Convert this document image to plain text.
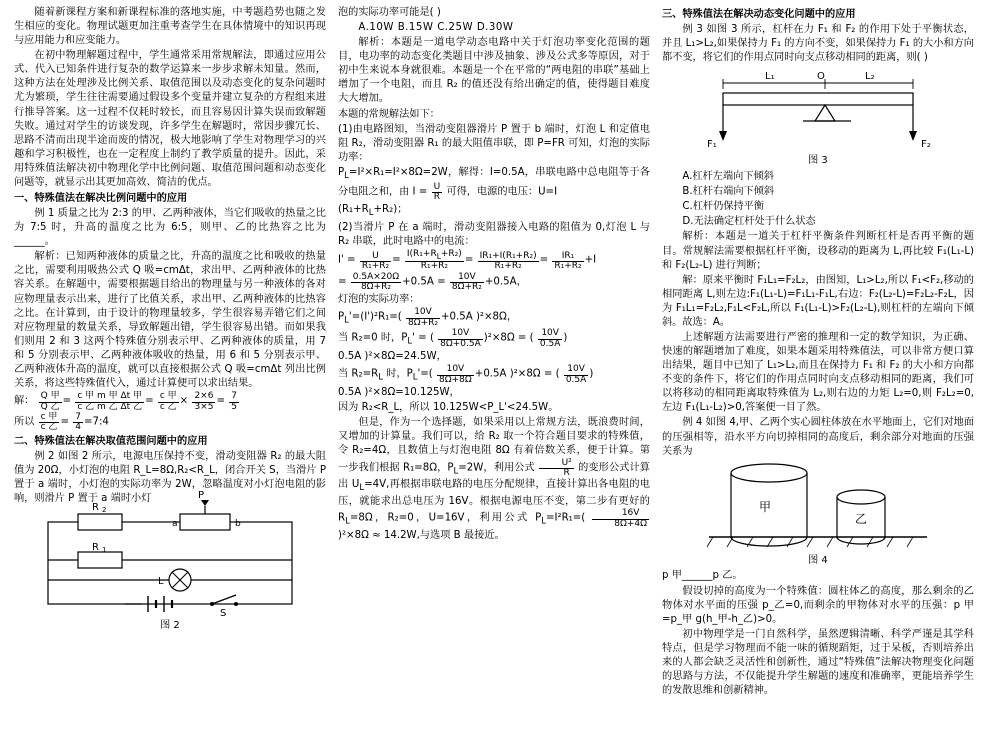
随着新课程方案和新课程标准的落地实施，中考题趋势也随之发生相应的变化。物理试题更加注重考查学生在具体情境中的知识再现与应用能力和应变能力。

在初中物理解题过程中，学生通常采用常规解法，即通过应用公式、代入已知条件进行复杂的数学运算来一步步求解未知量。然而，这种方法在处理涉及比例关系、取值范围以及动态变化的复杂问题时尤为繁琐，学生往往需要通过假设多个变量并建立复杂的方程组来进行推导答案。这一过程不仅耗时较长，而且容易因计算失误而致解题失败。通过对学生的访谈发现，许多学生在解题时，常因步骤冗长、思路不清而出现半途而废的情况，极大地影响了学生对物理学习的兴趣和学习积极性，也在一定程度上制约了教学质量的提升。因此，采用特殊值法解决初中物理化学中比例问题、取值范围问题和动态变化问题等，就显示出其更加高效、简洁的优点。

一、特殊值法在解决比例问题中的应用

例 1 质量之比为 2:3 的甲、乙两种液体，当它们吸收的热量之比为 7:5 时，升高的温度之比为 6:5，则甲、乙的比热容之比为______。

解析：已知两种液体的质量之比，升高的温度之比和吸收的热量之比，需要利用吸热公式 Q 吸=cmΔt，求出甲、乙两种液体的比热容关系。在解题中，需要根据题目给出的物理量与另一种液体的各对应物理量表示出来，进行了比值关系，求出甲、乙两种液体的比热容之比。在计算到，由于设计的物理量较多，学生很容易弄错它们之间对应物理量的数量关系，导致解题出错，学生很容易出错。而如果我们则用 2 和 3 这两个特殊值分别表示甲、乙两种液体的质量，用 7 和 5 分别表示甲、乙两种液体吸收的热量，用 6 和 5 分别表示甲、乙两种液体升高的温度，就可以直接根据公式 Q 吸=cmΔt 列出比例关系，将这些特殊值代入，通过计算便可以求出结果。

解： $\frac{\text{Q 甲}}{\text{Q 乙}} = \frac{\text{c 甲 m 甲 Δt 甲}}{\text{c 乙 m 乙 Δt 乙}} = \frac{\text{c 甲}}{\text{c 乙}} \times \frac{2\times 6}{3\times 5} = \frac{7}{5}$

所以 $\frac{\text{c 甲}}{\text{c 乙}} = \frac{7}{4}$ =7:4

二、特殊值法在解决取值范围问题中的应用

例 2 如图 2 所示，电源电压保持不变，滑动变阻器 R₂ 的最大阻值为 20Ω，小灯泡的电阻 R_L=8Ω,R₂<R_L，闭合开关 S，当滑片 P 置于 a 端时，小灯泡的实际功率为 2W，忽略温度对小灯泡电阻的影响，则滑片 P 置于 a 端时小灯

R 2
P
a	b
R 1
L
S

图 2

泡的实际功率可能是( )

A.10W B.15W C.25W D.30W

解析：本题是一道电学动态电路中关于灯泡功率变化范围的题目，电功率的动态变化类题目中涉及抽象、涉及公式多等原因，对于初中生来说本身就很难。本题是一个在平常的“两电阻的串联”基础上增加了一个电阻，而且 R₂ 的值还没有给出确定的值，使得题目难度大大增加。

本题的常规解法如下：

(1)由电路图知，当滑动变阻器滑片 P 置于 b 端时，灯泡 L 和定值电阻 R₂，滑动变阻器 R₁ 的最大阻值串联，即 P=FR 可知，灯泡的实际功率：

$P_L=I^2\times R_1=I^2\times 8\Omega=2W$，解得：I=0.5A，串联电路中总电阻等于各分电阻之和，由 $I = \frac{U}{R}$ 可得，电源的电压：U=I

$(R_1+R_L+R_2)$；

(2)当滑片 P 在 a 端时，滑动变阻器接入电路的阻值为 0,灯泡 L 与 R₂ 串联，此时电路中的电流：

$I' = \frac{U}{\text{R₁+R₂}} = \frac{I(R_1+R_L+R_2)}{\text{R₁+R₂}} = \frac{\text{IR₁+I(R₁+R₂)}}{\text{R₁+R₂}} = \frac{\text{IR₁}}{\text{R₁+R₂}} +I$

= $\frac{0.5A\times 20\Omega}{\text{8Ω+R₂}} +0.5A = \frac{10V}{\text{8Ω+R₂}} +0.5A$，

灯泡的实际功率：

$P_L'=(I')^2R_1=( \frac{10V}{\text{8Ω+R₂}} +0.5A$ )²×8Ω，

当 R₂=0 时，$P_L'$ = ( $\frac{10V}{8\Omega+0.5A} )^2\times 8\Omega$ = ( $\frac{10V}{0.5A}$ )

0.5A )²×8Ω=24.5W，

当 $R_2=R_L$ 时，$P_L'=( \frac{10V}{8\Omega+8\Omega} +0.5A$ )²×8Ω = ( $\frac{10V}{0.5A}$ )

0.5A )²×8Ω=10.125W，

因为 R₂<R_L，所以 10.125W<P_L'<24.5W。

但是，作为一个选择题，如果采用以上常规方法，既浪费时间，又增加的计算量。我们可以，给 R₂ 取一个符合题目要求的特殊值，令 R₂=4Ω，且数值上与灯泡电阻 8Ω 有着倍数关系，便于计算。第一步我们根据 R₁=8Ω，$P_L=2W$，利用公式 $\frac{\text{U²}}{R}$ 的变形公式计算出 $U_L=4V$,再根据串联电路的电压分配规律，直接计算出各电阻的电压，就能求出总电压为 16V。根据电源电压不变，第二步有更好的 $R_L=8\Omega$，R₂=0，U=16V，利用公式 $P_L=I^2R_1=( \frac{16V}{8\Omega+4\Omega}$
)²×8Ω ≈ 14.2W,与选项 B 最接近。

三、特殊值法在解决动态变化问题中的应用

例 3 如图 3 所示，杠杆在力 F₁ 和 F₂ 的作用下处于平衡状态，并且 L₁>L₂,如果保持力 F₁ 的方向不变，如果保持力 F₁ 的大小和方向都不变，将它们的作用点同时向支点移动相同的距离，则( )

L₁	O	L₂
F₁	F₂

图 3

A.杠杆左端向下倾斜

B.杠杆右端向下倾斜

C.杠杆仍保持平衡

D.无法确定杠杆处于什么状态

解析：本题是一道关于杠杆平衡条件判断杠杆是否再平衡的题目。常规解法需要根据杠杆平衡，设移动的距离为 L,再比较 F₁(L₁-L) 和 F₂(L₂-L) 进行判断；

解：原来平衡时 F₁L₁=F₂L₂，由图知，L₁>L₂,所以 F₁<F₂,移动的相同距离 L,则左边:F₁(L₁-L)=F₁L₁-F₁L,右边：F₂(L₂-L)=F₂L₂-F₂L，因为 F₁L₁=F₂L₂,F₁L<F₂L,所以 F₁(L₁-L)>F₂(L₂-L),则杠杆的左端向下倾斜。故选：A。

上述解题方法需要进行严密的推理和一定的数学知识，为正确、快速的解题增加了难度，如果本题采用特殊值法，可以非常方便口算出结果，题目中已知了 L₁>L₂,而且在保持力 F₁ 和 F₂ 的大小和方向都不变的条件下，将它们的作用点同时向支点移动相同的距离，我们可以将移动的相同距离取特殊值为 L₂,则右边的力矩 L₂=0,则 F₂L₂=0,左边 F₁(L₁-L₂)>0,答案便一目了然。

例 4 如图 4,甲、乙两个实心圆柱体放在水平地面上，它们对地面的压强相等，沿水平方向切掉相同的高度后，剩余部分对地面的压强关系为

甲
乙

图 4

p 甲______p 乙。

假设切掉的高度为一个特殊值：圆柱体乙的高度，那么剩余的乙物体对水平面的压强 p_乙=0,而剩余的甲物体对水平的压强：p 甲=p_甲 g(h_甲-h_乙)>0。

初中物理学是一门自然科学，虽然逻辑清晰、科学严谨是其学科特点，但是学习物理而不能一味的循规蹈矩，过于呆板，否则培养出来的人都会缺乏灵活性和创新性，通过“特殊值”法解决物理变化问题的思路与方法，不仅能提升学生解题的速度和准确率，更能培养学生的发散思维和创新精神。
